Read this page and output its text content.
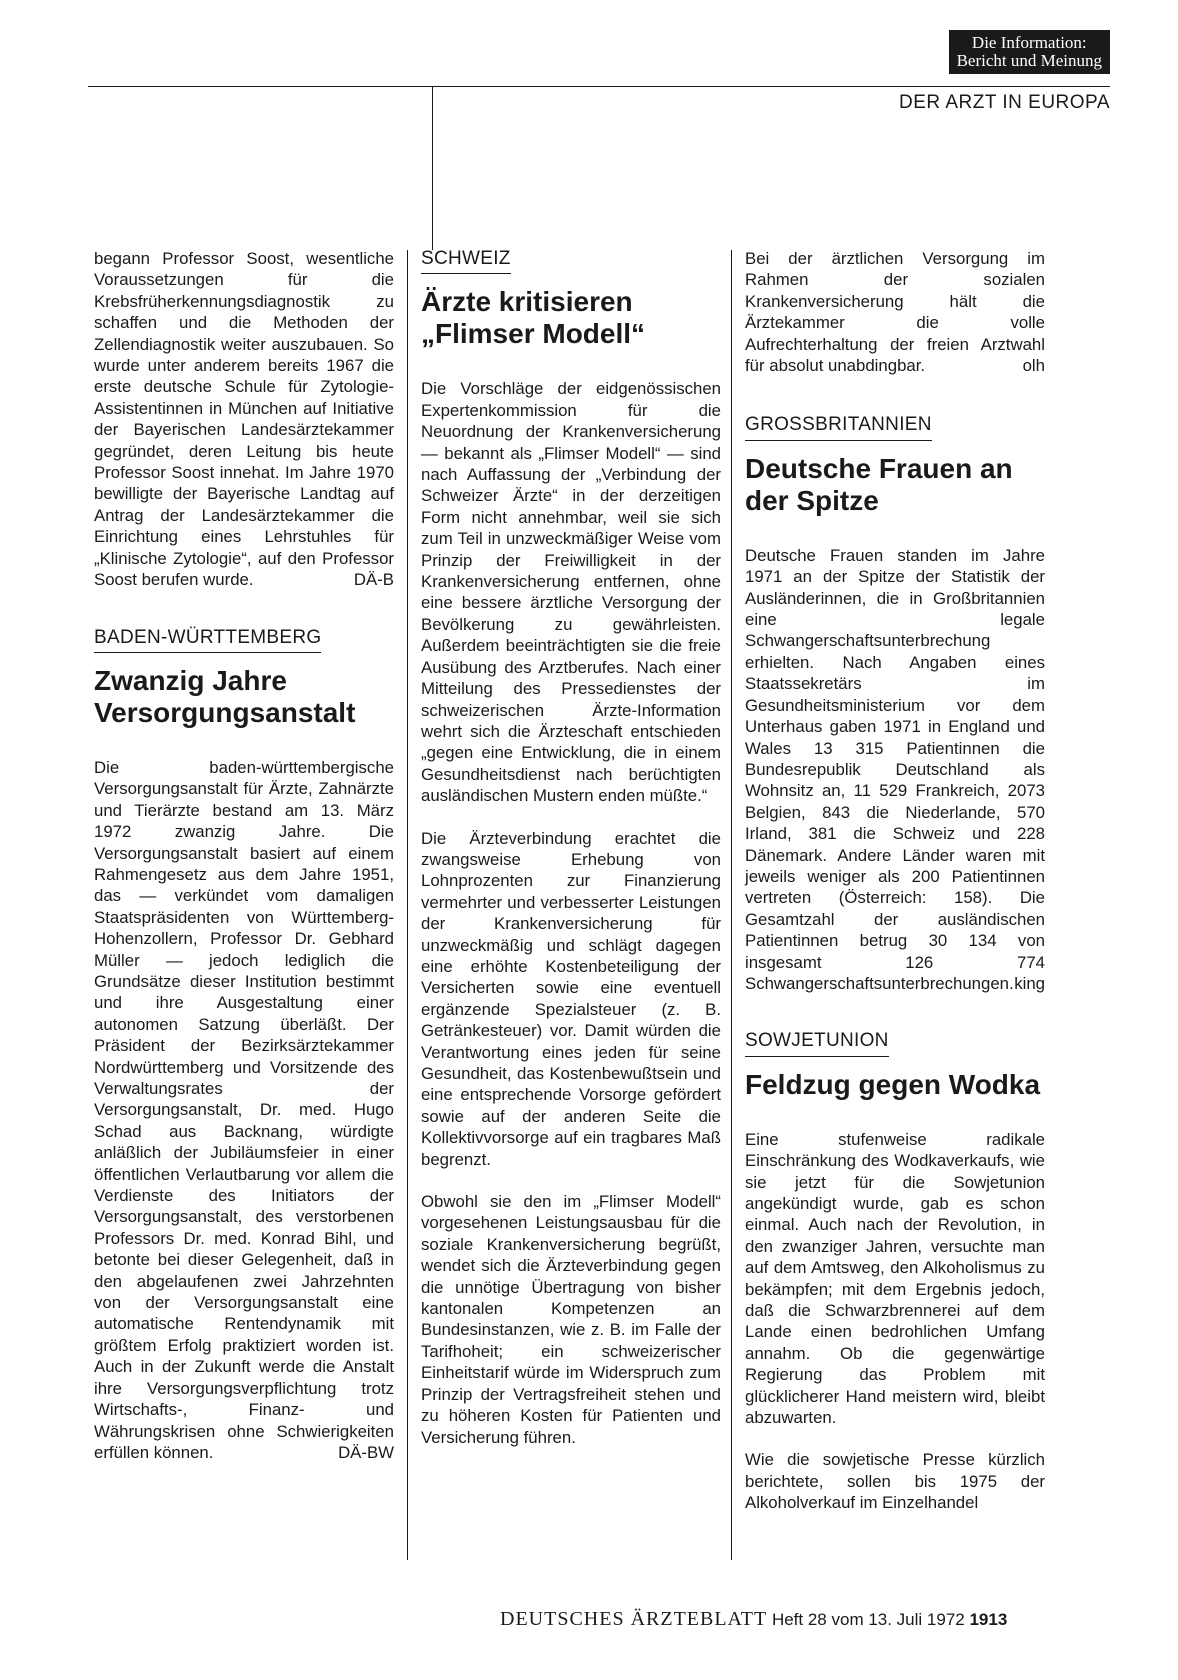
Die Information:
Bericht und Meinung
DER ARZT IN EUROPA

begann Professor Soost, wesentliche Voraussetzungen für die Krebsfrüherkennungsdiagnostik zu schaffen und die Methoden der Zellendiagnostik weiter auszubauen. So wurde unter anderem bereits 1967 die erste deutsche Schule für Zytologie-Assistentinnen in München auf Initiative der Bayerischen Landesärztekammer gegründet, deren Leitung bis heute Professor Soost innehat. Im Jahre 1970 bewilligte der Bayerische Landtag auf Antrag der Landesärztekammer die Einrichtung eines Lehrstuhles für „Klinische Zytologie“, auf den Professor Soost berufen wurde.	DÄ-B

BADEN-WÜRTTEMBERG
Zwanzig Jahre Versorgungsanstalt

Die baden-württembergische Versorgungsanstalt für Ärzte, Zahnärzte und Tierärzte bestand am 13. März 1972 zwanzig Jahre. Die Versorgungsanstalt basiert auf einem Rahmengesetz aus dem Jahre 1951, das — verkündet vom damaligen Staatspräsidenten von Württemberg-Hohenzollern, Professor Dr. Gebhard Müller — jedoch lediglich die Grundsätze dieser Institution bestimmt und ihre Ausgestaltung einer autonomen Satzung überläßt. Der Präsident der Bezirksärztekammer Nordwürttemberg und Vorsitzende des Verwaltungsrates der Versorgungsanstalt, Dr. med. Hugo Schad aus Backnang, würdigte anläßlich der Jubiläumsfeier in einer öffentlichen Verlautbarung vor allem die Verdienste des Initiators der Versorgungsanstalt, des verstorbenen Professors Dr. med. Konrad Bihl, und betonte bei dieser Gelegenheit, daß in den abgelaufenen zwei Jahrzehnten von der Versorgungsanstalt eine automatische Rentendynamik mit größtem Erfolg praktiziert worden ist. Auch in der Zukunft werde die Anstalt ihre Versorgungsverpflichtung trotz Wirtschafts-, Finanz- und Währungskrisen ohne Schwierigkeiten erfüllen können.	DÄ-BW

SCHWEIZ
Ärzte kritisieren „Flimser Modell“

Die Vorschläge der eidgenössischen Expertenkommission für die Neuordnung der Krankenversicherung — bekannt als „Flimser Modell“ — sind nach Auffassung der „Verbindung der Schweizer Ärzte“ in der derzeitigen Form nicht annehmbar, weil sie sich zum Teil in unzweckmäßiger Weise vom Prinzip der Freiwilligkeit in der Krankenversicherung entfernen, ohne eine bessere ärztliche Versorgung der Bevölkerung zu gewährleisten. Außerdem beeinträchtigten sie die freie Ausübung des Arztberufes. Nach einer Mitteilung des Pressedienstes der schweizerischen Ärzte-Information wehrt sich die Ärzteschaft entschieden „gegen eine Entwicklung, die in einem Gesundheitsdienst nach berüchtigten ausländischen Mustern enden müßte.“

Die Ärzteverbindung erachtet die zwangsweise Erhebung von Lohnprozenten zur Finanzierung vermehrter und verbesserter Leistungen der Krankenversicherung für unzweckmäßig und schlägt dagegen eine erhöhte Kostenbeteiligung der Versicherten sowie eine eventuell ergänzende Spezialsteuer (z. B. Getränkesteuer) vor. Damit würden die Verantwortung eines jeden für seine Gesundheit, das Kostenbewußtsein und eine entsprechende Vorsorge gefördert sowie auf der anderen Seite die Kollektivvorsorge auf ein tragbares Maß begrenzt.

Obwohl sie den im „Flimser Modell“ vorgesehenen Leistungsausbau für die soziale Krankenversicherung begrüßt, wendet sich die Ärzteverbindung gegen die unnötige Übertragung von bisher kantonalen Kompetenzen an Bundesinstanzen, wie z. B. im Falle der Tarifhoheit; ein schweizerischer Einheitstarif würde im Widerspruch zum Prinzip der Vertragsfreiheit stehen und zu höheren Kosten für Patienten und Versicherung führen.

Bei der ärztlichen Versorgung im Rahmen der sozialen Krankenversicherung hält die Ärztekammer die volle Aufrechterhaltung der freien Arztwahl für absolut unabdingbar.	olh

GROSSBRITANNIEN
Deutsche Frauen an der Spitze

Deutsche Frauen standen im Jahre 1971 an der Spitze der Statistik der Ausländerinnen, die in Großbritannien eine legale Schwangerschaftsunterbrechung erhielten. Nach Angaben eines Staatssekretärs im Gesundheitsministerium vor dem Unterhaus gaben 1971 in England und Wales 13 315 Patientinnen die Bundesrepublik Deutschland als Wohnsitz an, 11 529 Frankreich, 2073 Belgien, 843 die Niederlande, 570 Irland, 381 die Schweiz und 228 Dänemark. Andere Länder waren mit jeweils weniger als 200 Patientinnen vertreten (Österreich: 158). Die Gesamtzahl der ausländischen Patientinnen betrug 30 134 von insgesamt 126 774 Schwangerschaftsunterbrechungen. king

SOWJETUNION
Feldzug gegen Wodka

Eine stufenweise radikale Einschränkung des Wodkaverkaufs, wie sie jetzt für die Sowjetunion angekündigt wurde, gab es schon einmal. Auch nach der Revolution, in den zwanziger Jahren, versuchte man auf dem Amtsweg, den Alkoholismus zu bekämpfen; mit dem Ergebnis jedoch, daß die Schwarzbrennerei auf dem Lande einen bedrohlichen Umfang annahm. Ob die gegenwärtige Regierung das Problem mit glücklicherer Hand meistern wird, bleibt abzuwarten.

Wie die sowjetische Presse kürzlich berichtete, sollen bis 1975 der Alkoholverkauf im Einzelhandel

DEUTSCHES ÄRZTEBLATT Heft 28 vom 13. Juli 1972 1913
